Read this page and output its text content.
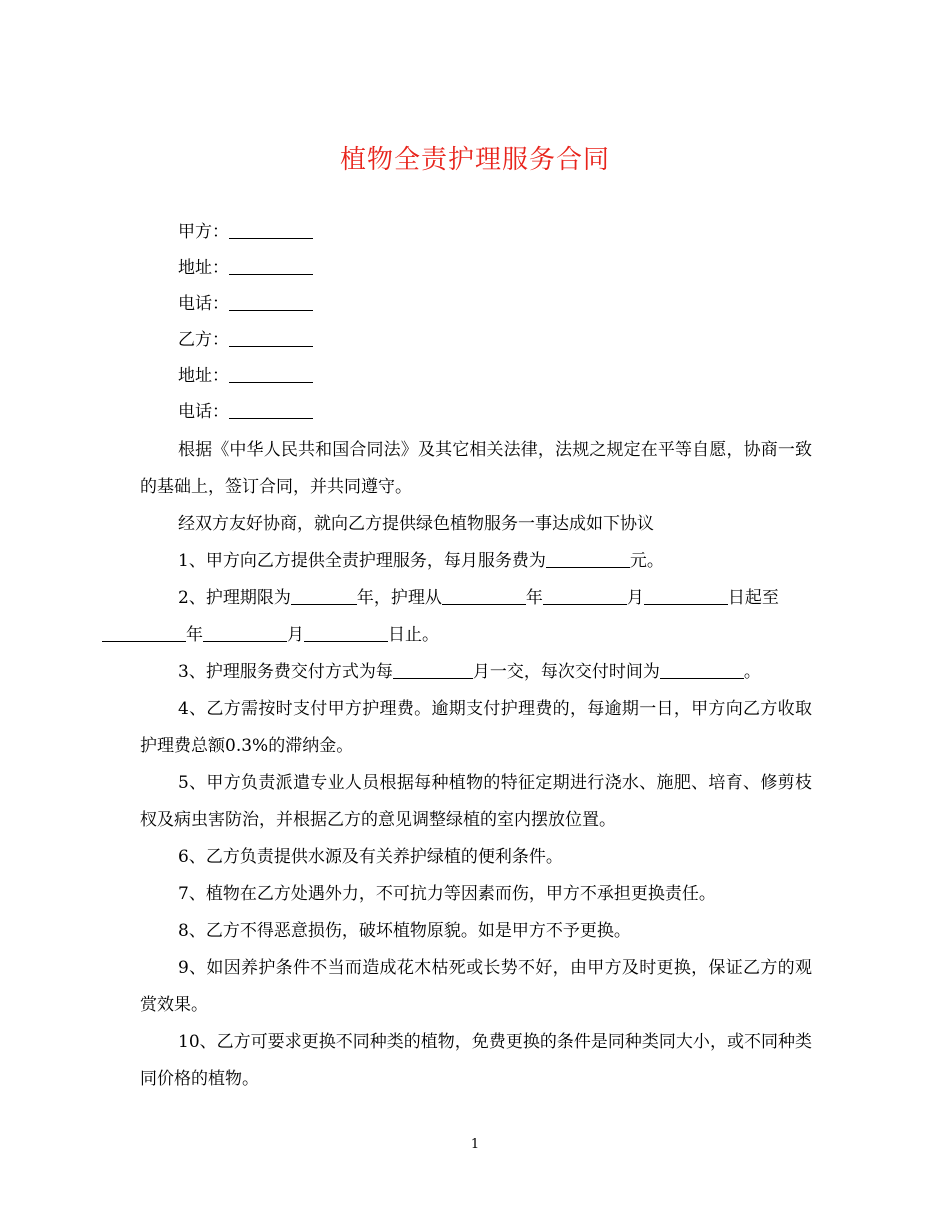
植物全责护理服务合同
甲方：
地址：
电话：
乙方：
地址：
电话：

根据《中华人民共和国合同法》及其它相关法律，法规之规定在平等自愿，协商一致的基础上，签订合同，并共同遵守。

经双方友好协商，就向乙方提供绿色植物服务一事达成如下协议

1、甲方向乙方提供全责护理服务，每月服务费为	元。

2、护理期限为	年，护理从	年	月	日起至
年	月	日止。

3、护理服务费交付方式为每	月一交，每次交付时间为	。

4、乙方需按时支付甲方护理费。逾期支付护理费的，每逾期一日，甲方向乙方收取护理费总额0.3%的滞纳金。

5、甲方负责派遣专业人员根据每种植物的特征定期进行浇水、施肥、培育、修剪枝杈及病虫害防治，并根据乙方的意见调整绿植的室内摆放位置。

6、乙方负责提供水源及有关养护绿植的便利条件。

7、植物在乙方处遇外力，不可抗力等因素而伤，甲方不承担更换责任。

8、乙方不得恶意损伤，破坏植物原貌。如是甲方不予更换。

9、如因养护条件不当而造成花木枯死或长势不好，由甲方及时更换，保证乙方的观赏效果。

10、乙方可要求更换不同种类的植物，免费更换的条件是同种类同大小，或不同种类同价格的植物。

1
